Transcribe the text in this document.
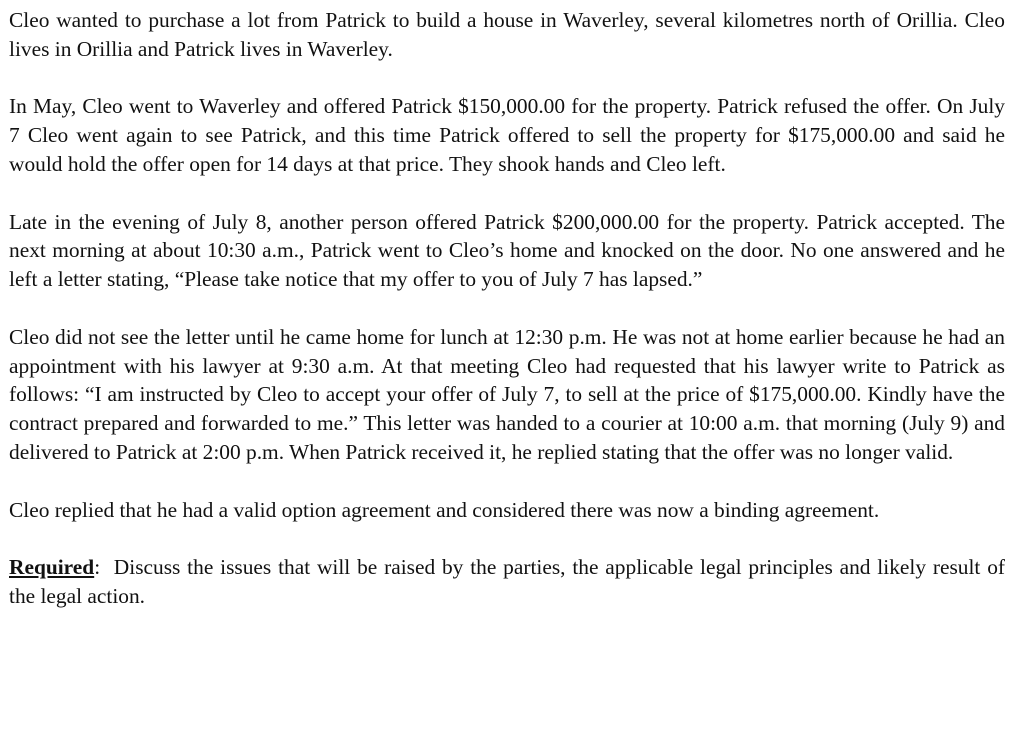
Cleo wanted to purchase a lot from Patrick to build a house in Waverley, several kilometres north of Orillia. Cleo lives in Orillia and Patrick lives in Waverley.

In May, Cleo went to Waverley and offered Patrick $150,000.00 for the property. Patrick refused the offer. On July 7 Cleo went again to see Patrick, and this time Patrick offered to sell the property for $175,000.00 and said he would hold the offer open for 14 days at that price. They shook hands and Cleo left.

Late in the evening of July 8, another person offered Patrick $200,000.00 for the property. Patrick accepted. The next morning at about 10:30 a.m., Patrick went to Cleo’s home and knocked on the door. No one answered and he left a letter stating, “Please take notice that my offer to you of July 7 has lapsed.”

Cleo did not see the letter until he came home for lunch at 12:30 p.m. He was not at home earlier because he had an appointment with his lawyer at 9:30 a.m. At that meeting Cleo had requested that his lawyer write to Patrick as follows: “I am instructed by Cleo to accept your offer of July 7, to sell at the price of $175,000.00. Kindly have the contract prepared and forwarded to me.” This letter was handed to a courier at 10:00 a.m. that morning (July 9) and delivered to Patrick at 2:00 p.m. When Patrick received it, he replied stating that the offer was no longer valid.

Cleo replied that he had a valid option agreement and considered there was now a binding agreement.

Required:  Discuss the issues that will be raised by the parties, the applicable legal principles and likely result of the legal action.
